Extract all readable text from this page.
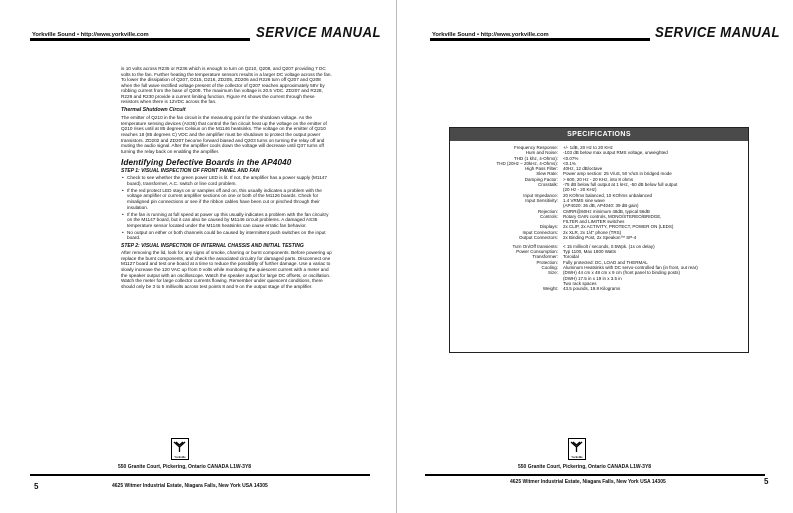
Yorkville Sound • http://www.yorkville.com	SERVICE MANUAL

is 10 volts across R235 or R236 which is enough to turn on Q210, Q208, and Q207 providing 7 DC volts to the fan. Further heating the temperature sensors results in a larger DC voltage across the fan. To lower the dissipation of Q207, D215, D216, ZD205, ZD206 and R226 turn off Q207 and Q208 when the full wave rectified voltage present of the collector of Q207 reaches approximately 58V by robbing current from the base of Q208. The maximum fan voltage is 20.5 VDC. ZD207 and R228, R229 and R230 provide a current limiting function. Figure #4 shows the current through these resistors when there is 12VDC across the fan.

Thermal Shutdown Circuit

The emitter of Q210 in the fan circuit is the measuring point for the shutdown voltage. As the temperature sensing devices (AS35) that control the fan circuit heat up the voltage on the emitter of Q210 rises until at 85 degrees Celsius on the M1146 heatsinks. The voltage on the emitter of Q210 reaches 18 (85 degrees C) VDC and the amplifier must be shutdown to protect the output power transistors. ZD202 and ZD207 become forward biased and Q203 turns on turning the relay off and muting the audio signal. After the amplifier cools down the voltage will decrease until Q37 turns off turning the relay back on enabling the amplifier.

Identifying Defective Boards in the AP4040
STEP 1: VISUAL INSPECTION OF FRONT PANEL AND FAN
• Check to see whether the green power LED is lit. If not, the amplifier has a power supply (M1147 board), transformer, A.C. switch or line cord problem.
• If the red protect LED stays on or samples off and on, this usually indicates a problem with the voltage amplifier or current amplifier sections on one or both of the M1126 boards. Check for misaligned pin connections or see if the ribbon cables have been cut or pinched through their insulation.
• If the fan is running at full speed at power up this usually indicates a problem with the fan circuitry on the M1147 board, but it can also be caused by M1146 circuit problems. A damaged AS35 temperature sensor located under the M1146 heatsinks can cause erratic fan behavior.
• No output on either or both channels could be caused by intermittent push switches on the input board.
STEP 2: VISUAL INSPECTION OF INTERNAL CHASSIS AND INITIAL TESTING

After removing the lid, look for any signs of smoke, charring or burnt components. Before powering up replace the burnt components, and check the associated circuitry for damaged parts. Disconnect one M1127 board and test one board at a time to reduce the possibility of further damage. Use a variac to slowly increase the 120 VAC up from 0 volts while monitoring the quiescent current with a meter and the speaker output with an oscilloscope. Watch the speaker output for large DC offsets, or oscillation. Watch the meter for large collector currents flowing. Remember under quiescent conditions, there should only be 3 to 5 millivolts across test points 8 and 9 on the output stage of the amplifier.

Yorkville
550 Granite Court, Pickering, Ontario CANADA L1W-3Y8
5	4625 Witmer Industrial Estate, Niagara Falls, New York USA 14305
Yorkville Sound • http://www.yorkville.com	SERVICE MANUAL
SPECIFICATIONS
Frequency Response:	+/- 1dB, 20 Hz to 20 KHz
Hum and Noise:	-103 dB below max output RMS voltage, unweighted
THD (1 khz, 4-Ohms):	<0.07%
THD (20Hz – 20kHz, 4-Ohms):	<0.1%
High Pass Filter:	40Hz, 12 dB/octave
Slew Rate:	Power amp section: 25 V/uS, 50 V/uS in bridged mode
Damping Factor:	> 600, 20 Hz - 20 KHz, into 8 ohms
Crosstalk:	-75 dB below full output at 1 kHz, -50 dB below full output
	(20 Hz - 20 KHz)
Input Impedance:	20 KOhms balanced, 10 KOhms unbalanced
Input Sensitivity:	1.4 VRMS sine wave
	(AP4020: 36 dB, AP4040: 39 dB gain)
Rejection:	CMRR@60Hz minimum 48dB, typical 56dB
Controls:	Rotary GAIN controls, MONO/STEREO/BRIDGE,
	FILTER and LIMITER switches
Displays:	2x CLIP, 2x ACTIVITY, PROTECT, POWER ON (LEDS)
Input Connectors:	2x XLR, 2x 1/4" phone (TRS)
Output Connectors:	2x Binding Post, 2x Speakon™ SP-4

Turn On/Off transients:	< 15 millivolt / seconds, 0.5Wpk. (1s on delay)
Power Consumption:	Typ 1100, Max 1800 Watts
Transformer:	Toroidal
Protection:	Fully protected: DC, LOAD and THERMAL
Cooling:	Aluminum Heatsinks with DC servo-controlled fan (in front, out rear)
Size:	(DWH) 44 cm x 48 cm x 9 cm (front panel to binding posts)
	(DWH) 17.5 in x 19 in x 3.5 in
	Two rack spaces
Weight:	43.5 pounds, 19.8 Kilograms
Yorkville
550 Granite Court, Pickering, Ontario CANADA L1W-3Y8
4625 Witmer Industrial Estate, Niagara Falls, New York USA 14305	5
